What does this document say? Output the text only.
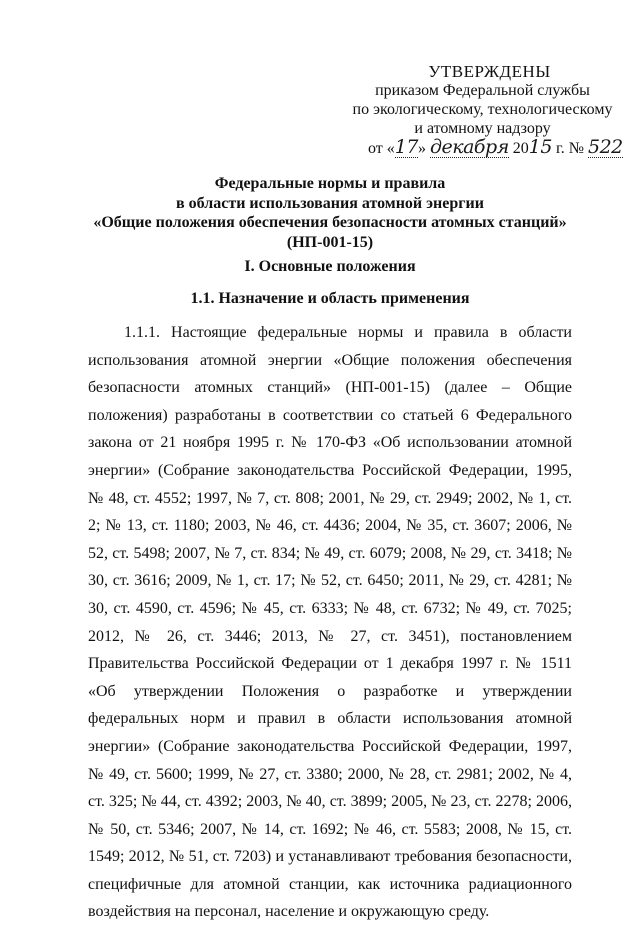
УТВЕРЖДЕНЫ
приказом Федеральной службы
по экологическому, технологическому
и атомному надзору
от «17» декабря 2015 г. № 522
Федеральные нормы и правила
в области использования атомной энергии
«Общие положения обеспечения безопасности атомных станций»
(НП-001-15)
I. Основные положения
1.1. Назначение и область применения
1.1.1. Настоящие федеральные нормы и правила в области использования атомной энергии «Общие положения обеспечения безопасности атомных станций» (НП-001-15) (далее – Общие положения) разработаны в соответствии со статьей 6 Федерального закона от 21 ноября 1995 г. № 170-ФЗ «Об использовании атомной энергии» (Собрание законодательства Российской Федерации, 1995, № 48, ст. 4552; 1997, № 7, ст. 808; 2001, № 29, ст. 2949; 2002, № 1, ст. 2; № 13, ст. 1180; 2003, № 46, ст. 4436; 2004, № 35, ст. 3607; 2006, № 52, ст. 5498; 2007, № 7, ст. 834; № 49, ст. 6079; 2008, № 29, ст. 3418; № 30, ст. 3616; 2009, № 1, ст. 17; № 52, ст. 6450; 2011, № 29, ст. 4281; № 30, ст. 4590, ст. 4596; № 45, ст. 6333; № 48, ст. 6732; № 49, ст. 7025; 2012, № 26, ст. 3446; 2013, № 27, ст. 3451), постановлением Правительства Российской Федерации от 1 декабря 1997 г. № 1511 «Об утверждении Положения о разработке и утверждении федеральных норм и правил в области использования атомной энергии» (Собрание законодательства Российской Федерации, 1997, № 49, ст. 5600; 1999, № 27, ст. 3380; 2000, № 28, ст. 2981; 2002, № 4, ст. 325; № 44, ст. 4392; 2003, № 40, ст. 3899; 2005, № 23, ст. 2278; 2006, № 50, ст. 5346; 2007, № 14, ст. 1692; № 46, ст. 5583; 2008, № 15, ст. 1549; 2012, № 51, ст. 7203) и устанавливают требования безопасности, специфичные для атомной станции, как источника радиационного воздействия на персонал, население и окружающую среду.
